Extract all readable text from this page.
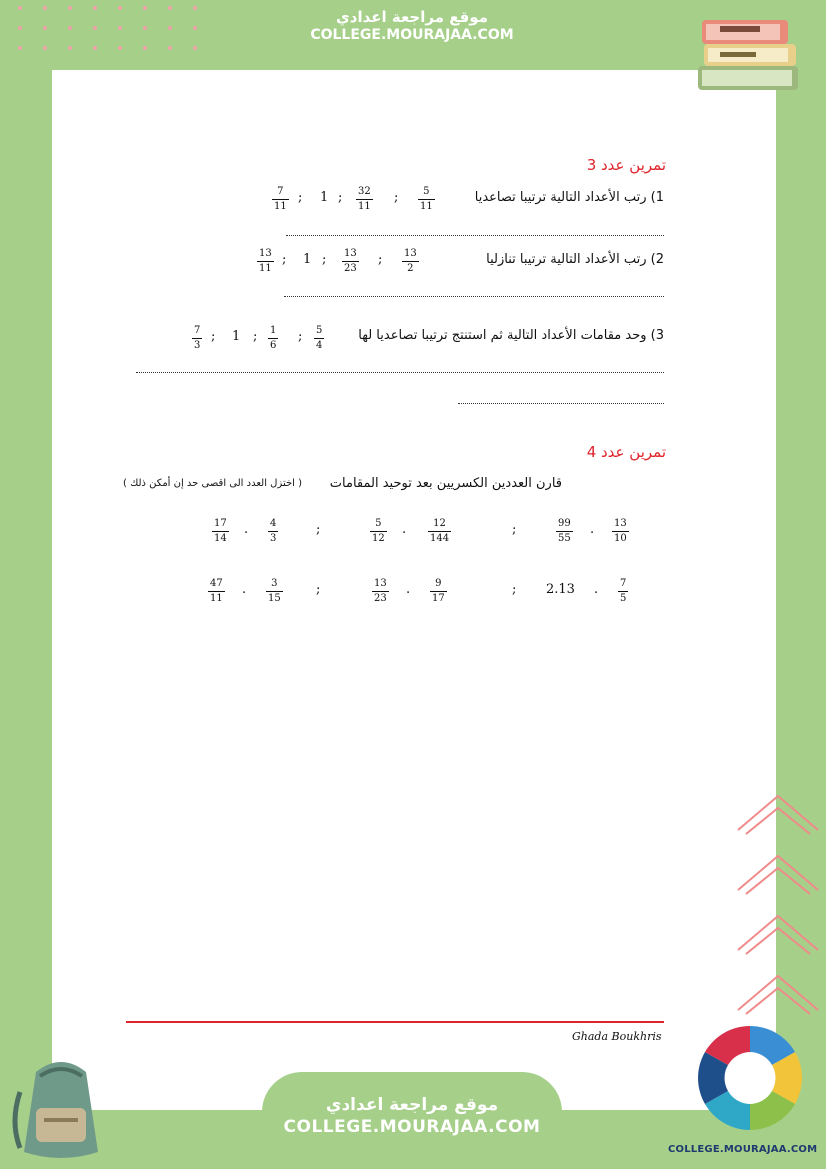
موقع مراجعة اعدادي
COLLEGE.MOURAJAA.COM
تمرين عدد 3
1) رتب الأعداد التالية ترتيبا تصاعديا
5
11
;
32
11
;
1
;
7
11
2) رتب الأعداد التالية ترتيبا تنازليا
13
2
;
13
23
;
1
;
13
11
3) وحد مقامات الأعداد التالية ثم استنتج ترتيبا تصاعديا لها
5
4
;
1
6
;
1
;
7
3
تمرين عدد 4
قارن العددين الكسريين بعد توحيد المقامات
( اختزل العدد الى اقصى حد إن أمكن ذلك )
13
10
.
99
55
12
144
.
5
12
4
3
.
17
14
;
;
7
5
.
2.13
9
17
.
13
23
3
15
.
47
11
;
;
Ghada Boukhris
موقع مراجعة اعدادي
COLLEGE.MOURAJAA.COM
COLLEGE.MOURAJAA.COM
